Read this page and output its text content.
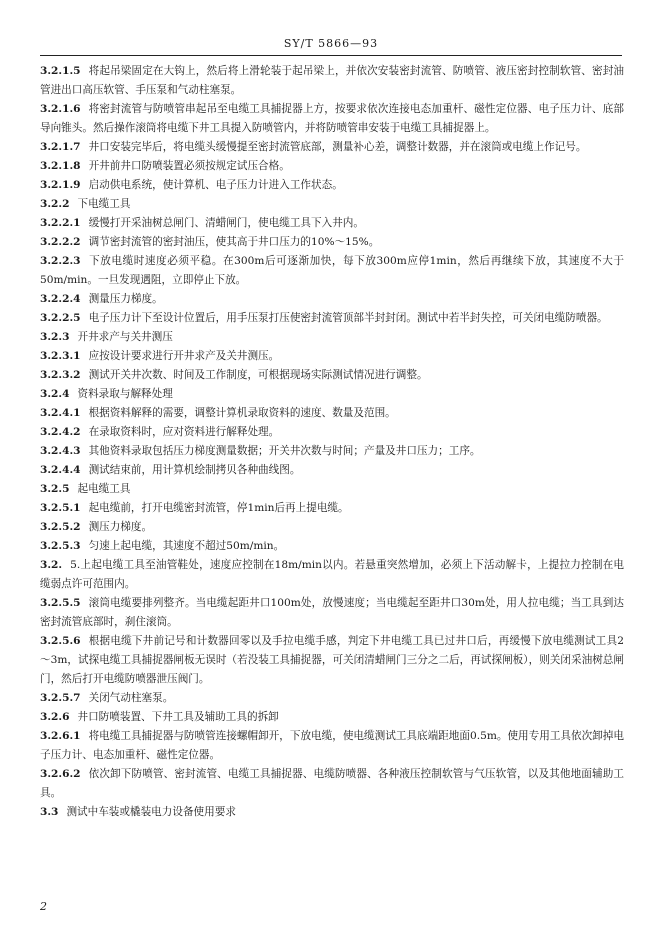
SY/T 5866—93

3.2.1.5 将起吊梁固定在大钩上，然后将上滑轮装于起吊梁上，并依次安装密封流管、防喷管、液压密封控制软管、密封油管进出口高压软管、手压泵和气动柱塞泵。

3.2.1.6 将密封流管与防喷管串起吊至电缆工具捕捉器上方，按要求依次连接电态加重杆、磁性定位器、电子压力计、底部导向锥头。然后操作滚筒将电缆下井工具提入防喷管内，并将防喷管串安装于电缆工具捕捉器上。

3.2.1.7 井口安装完毕后，将电缆头缓慢提至密封流管底部，测量补心差，调整计数器，并在滚筒或电缆上作记号。

3.2.1.8 开井前井口防喷装置必须按规定试压合格。

3.2.1.9 启动供电系统，使计算机、电子压力计进入工作状态。

3.2.2 下电缆工具

3.2.2.1 缓慢打开采油树总闸门、清蜡闸门，使电缆工具下入井内。

3.2.2.2 调节密封流管的密封油压，使其高于井口压力的10%～15%。

3.2.2.3 下放电缆时速度必须平稳。在300m后可逐渐加快，每下放300m应停1min，然后再继续下放，其速度不大于50m/min。一旦发现遇阻，立即停止下放。

3.2.2.4 测量压力梯度。

3.2.2.5 电子压力计下至设计位置后，用手压泵打压使密封流管顶部半封封闭。测试中若半封失控，可关闭电缆防喷器。

3.2.3 开井求产与关井测压

3.2.3.1 应按设计要求进行开井求产及关井测压。

3.2.3.2 测试开关井次数、时间及工作制度，可根据现场实际测试情况进行调整。

3.2.4 资料录取与解释处理

3.2.4.1 根据资料解释的需要，调整计算机录取资料的速度、数量及范围。

3.2.4.2 在录取资料时，应对资料进行解释处理。

3.2.4.3 其他资料录取包括压力梯度测量数据；开关井次数与时间；产量及井口压力；工序。

3.2.4.4 测试结束前，用计算机绘制拷贝各种曲线图。

3.2.5 起电缆工具

3.2.5.1 起电缆前，打开电缆密封流管，停1min后再上提电缆。

3.2.5.2 测压力梯度。

3.2.5.3 匀速上起电缆，其速度不超过50m/min。

3.2. 5.上起电缆工具至油管鞋处，速度应控制在18m/min以内。若悬重突然增加，必须上下活动解卡，上提拉力控制在电缆弱点许可范围内。

3.2.5.5 滚筒电缆要排列整齐。当电缆起距井口100m处，放慢速度；当电缆起至距井口30m处，用人拉电缆；当工具到达密封流管底部时，刹住滚筒。

3.2.5.6 根据电缆下井前记号和计数器回零以及手拉电缆手感，判定下井电缆工具已过井口后，再缓慢下放电缆测试工具2～3m，试探电缆工具捕捉器闸板无误时（若没装工具捕捉器，可关闭清蜡闸门三分之二后，再试探闸板），则关闭采油树总闸门，然后打开电缆防喷器泄压阀门。

3.2.5.7 关闭气动柱塞泵。

3.2.6 井口防喷装置、下井工具及辅助工具的拆卸

3.2.6.1 将电缆工具捕捉器与防喷管连接螺帽卸开，下放电缆，使电缆测试工具底端距地面0.5m。使用专用工具依次卸掉电子压力计、电态加重杆、磁性定位器。

3.2.6.2 依次卸下防喷管、密封流管、电缆工具捕捉器、电缆防喷器、各种液压控制软管与气压软管，以及其他地面辅助工具。

3.3 测试中车装或橇装电力设备使用要求

2
